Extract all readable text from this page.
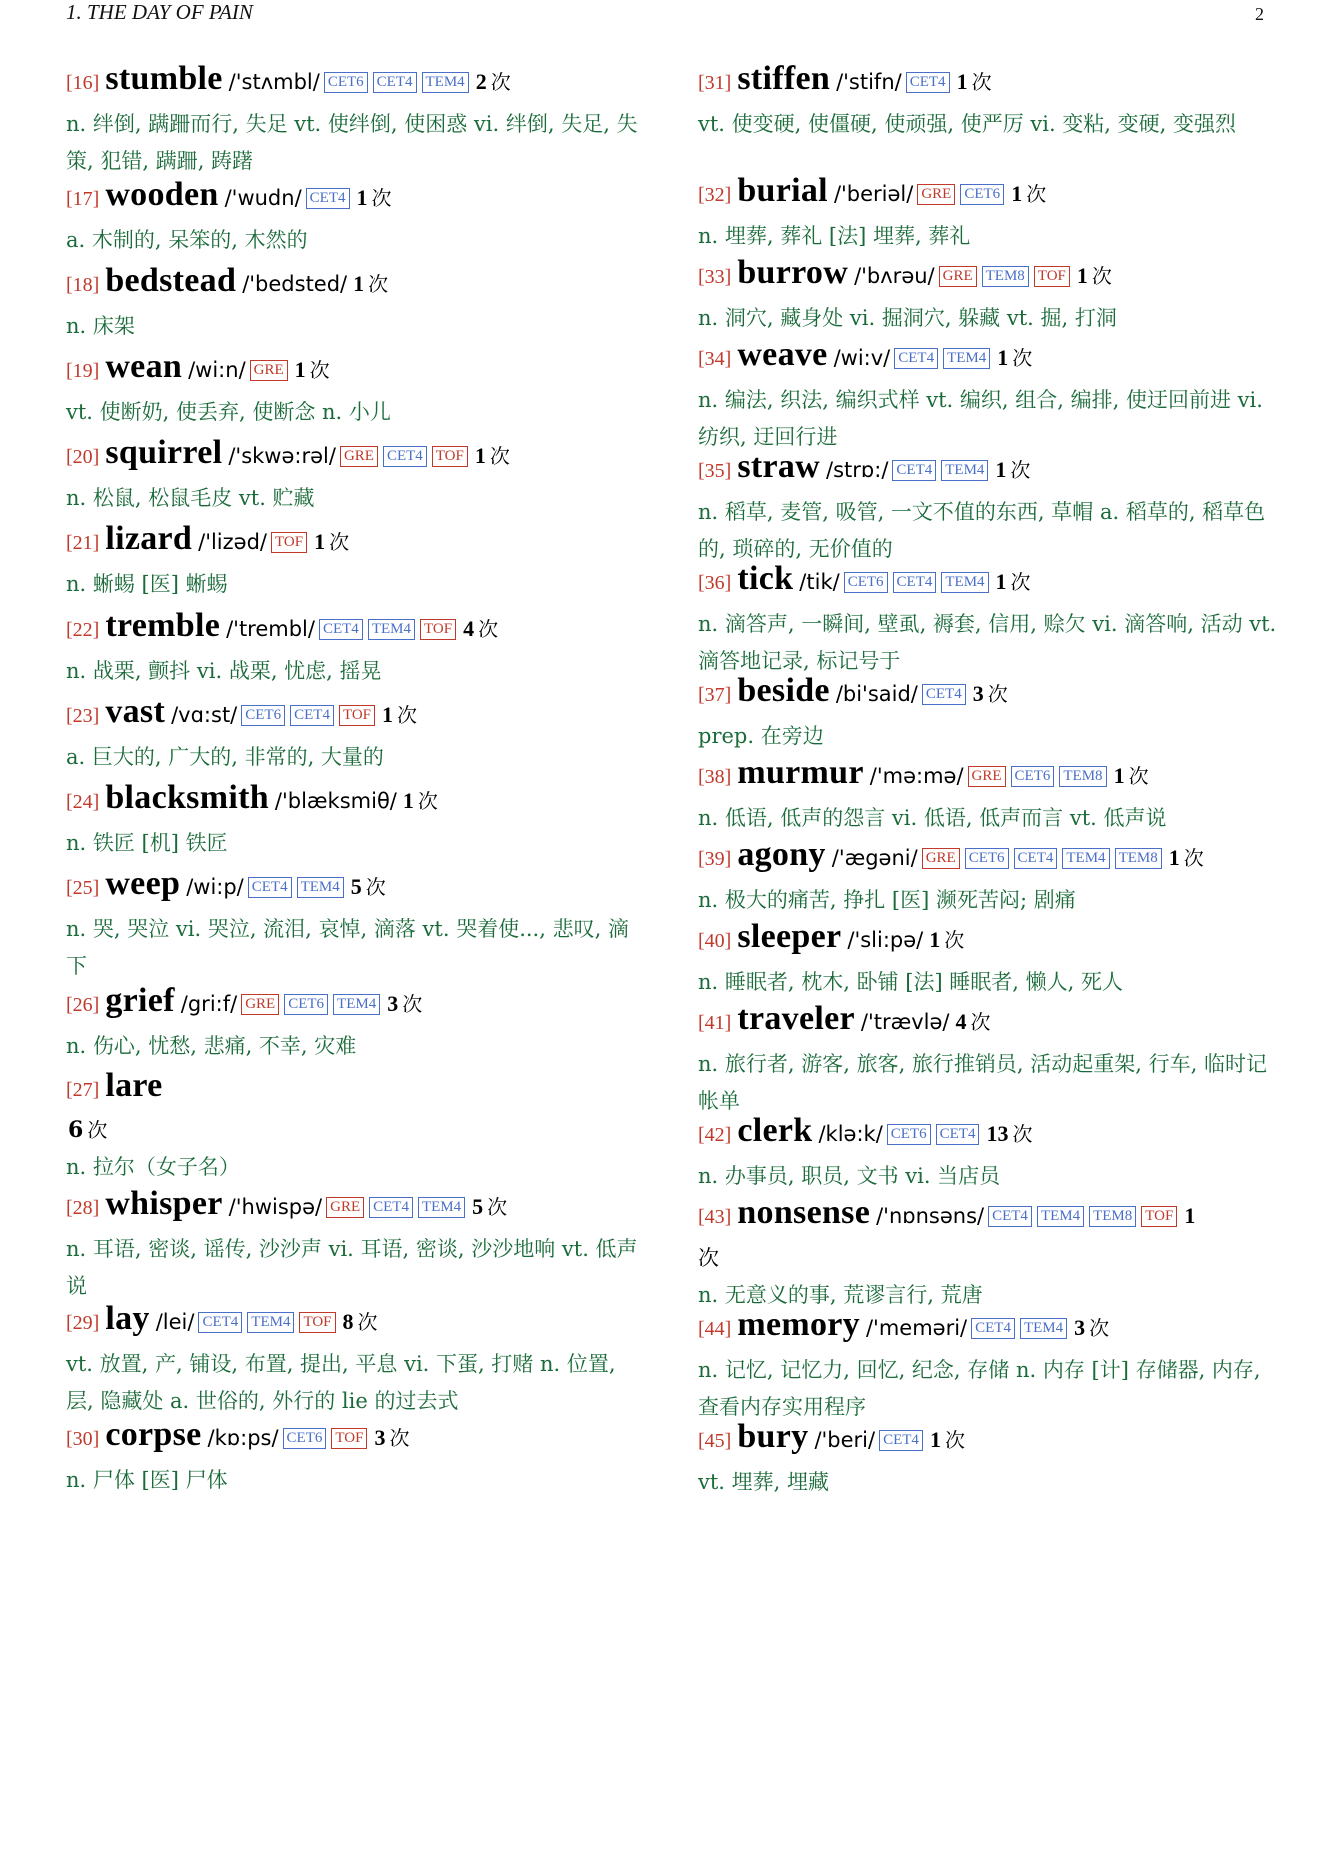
1. THE DAY OF PAIN	2
[16] stumble /'stʌmbl/ CET6 CET4 TEM4 2 次
n. 绊倒, 蹒跚而行, 失足 vt. 使绊倒, 使困惑 vi. 绊倒, 失足, 失策, 犯错, 蹒跚, 踌躇
[17] wooden /'wudn/ CET4 1 次
a. 木制的, 呆笨的, 木然的
[18] bedstead /'bedsted/ 1 次
n. 床架
[19] wean /wi:n/ GRE 1 次
vt. 使断奶, 使丢弃, 使断念 n. 小儿
[20] squirrel /'skwə:rəl/ GRE CET4 TOF 1 次
n. 松鼠, 松鼠毛皮 vt. 贮藏
[21] lizard /'lizəd/ TOF 1 次
n. 蜥蜴 [医] 蜥蜴
[22] tremble /'trembl/ CET4 TEM4 TOF 4 次
n. 战栗, 颤抖 vi. 战栗, 忧虑, 摇晃
[23] vast /vɑ:st/ CET6 CET4 TOF 1 次
a. 巨大的, 广大的, 非常的, 大量的
[24] blacksmith /'blæksmiθ/ 1 次
n. 铁匠 [机] 铁匠
[25] weep /wi:p/ CET4 TEM4 5 次
n. 哭, 哭泣 vi. 哭泣, 流泪, 哀悼, 滴落 vt. 哭着使..., 悲叹, 滴下
[26] grief /gri:f/ GRE CET6 TEM4 3 次
n. 伤心, 忧愁, 悲痛, 不幸, 灾难
[27] lare
6 次
n. 拉尔（女子名）
[28] whisper /'hwispə/ GRE CET4 TEM4 5 次
n. 耳语, 密谈, 谣传, 沙沙声 vi. 耳语, 密谈, 沙沙地响 vt. 低声说
[29] lay /lei/ CET4 TEM4 TOF 8 次
vt. 放置, 产, 铺设, 布置, 提出, 平息 vi. 下蛋, 打赌 n. 位置, 层, 隐藏处 a. 世俗的, 外行的 lie 的过去式
[30] corpse /kɒ:ps/ CET6 TOF 3 次
n. 尸体 [医] 尸体
[31] stiffen /'stifn/ CET4 1 次
vt. 使变硬, 使僵硬, 使顽强, 使严厉 vi. 变粘, 变硬, 变强烈
[32] burial /'beriəl/ GRE CET6 1 次
n. 埋葬, 葬礼 [法] 埋葬, 葬礼
[33] burrow /'bʌrəu/ GRE TEM8 TOF 1 次
n. 洞穴, 藏身处 vi. 掘洞穴, 躲藏 vt. 掘, 打洞
[34] weave /wi:v/ CET4 TEM4 1 次
n. 编法, 织法, 编织式样 vt. 编织, 组合, 编排, 使迂回前进 vi. 纺织, 迂回行进
[35] straw /strɒ:/ CET4 TEM4 1 次
n. 稻草, 麦管, 吸管, 一文不值的东西, 草帽 a. 稻草的, 稻草色的, 琐碎的, 无价值的
[36] tick /tik/ CET6 CET4 TEM4 1 次
n. 滴答声, 一瞬间, 壁虱, 褥套, 信用, 赊欠 vi. 滴答响, 活动 vt. 滴答地记录, 标记号于
[37] beside /bi'said/ CET4 3 次
prep. 在旁边
[38] murmur /'mə:mə/ GRE CET6 TEM8 1 次
n. 低语, 低声的怨言 vi. 低语, 低声而言 vt. 低声说
[39] agony /'ægəni/ GRE CET6 CET4 TEM4 TEM8 1 次
n. 极大的痛苦, 挣扎 [医] 濒死苦闷; 剧痛
[40] sleeper /'sli:pə/ 1 次
n. 睡眠者, 枕木, 卧铺 [法] 睡眠者, 懒人, 死人
[41] traveler /'trævlə/ 4 次
n. 旅行者, 游客, 旅客, 旅行推销员, 活动起重架, 行车, 临时记帐单
[42] clerk /klə:k/ CET6 CET4 13 次
n. 办事员, 职员, 文书 vi. 当店员
[43] nonsense /'nɒnsəns/ CET4 TEM4 TEM8 TOF 1
次
n. 无意义的事, 荒谬言行, 荒唐
[44] memory /'meməri/ CET4 TEM4 3 次
n. 记忆, 记忆力, 回忆, 纪念, 存储 n. 内存 [计] 存储器, 内存, 查看内存实用程序
[45] bury /'beri/ CET4 1 次
vt. 埋葬, 埋藏
